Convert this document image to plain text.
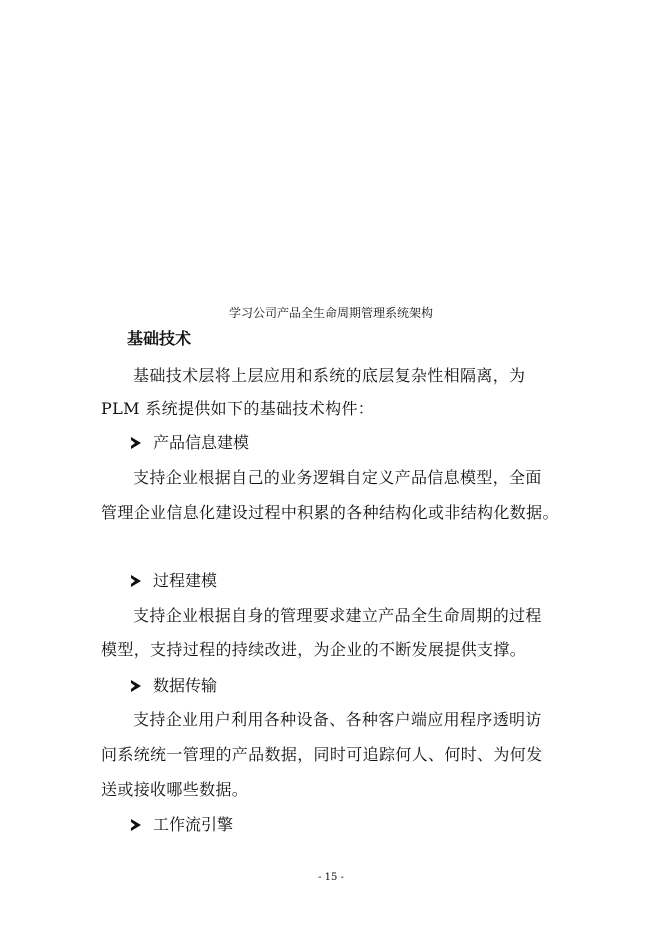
学习公司产品全生命周期管理系统架构
基础技术
基础技术层将上层应用和系统的底层复杂性相隔离，为
PLM 系统提供如下的基础技术构件：
产品信息建模
支持企业根据自己的业务逻辑自定义产品信息模型，全面
管理企业信息化建设过程中积累的各种结构化或非结构化数据。
过程建模
支持企业根据自身的管理要求建立产品全生命周期的过程
模型，支持过程的持续改进，为企业的不断发展提供支撑。
数据传输
支持企业用户利用各种设备、各种客户端应用程序透明访
问系统统一管理的产品数据，同时可追踪何人、何时、为何发
送或接收哪些数据。
工作流引擎
- 15 -
